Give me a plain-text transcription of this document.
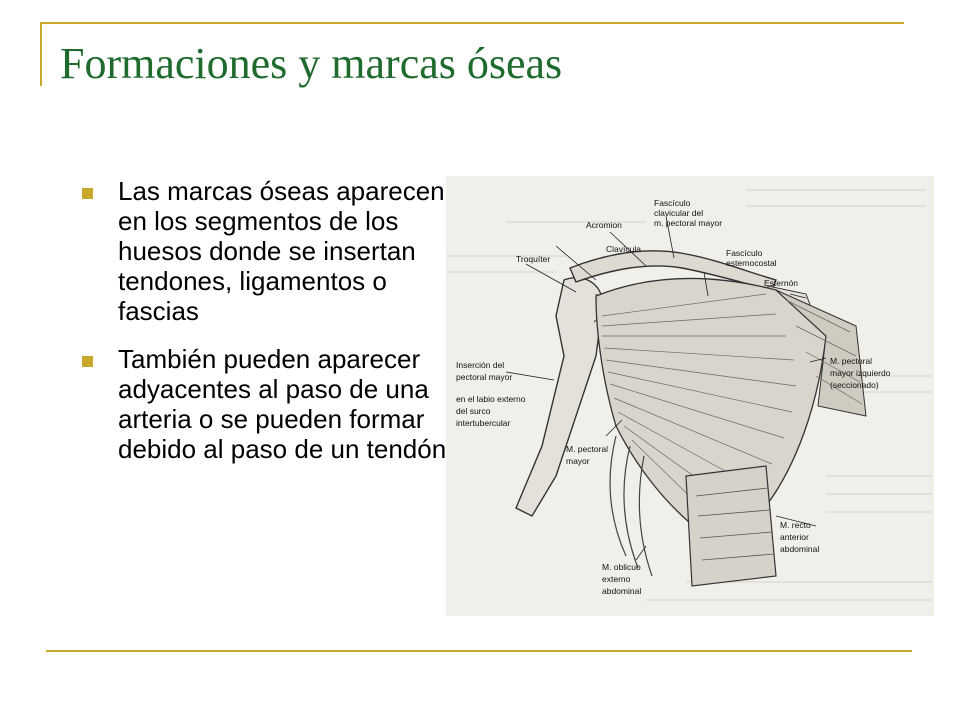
Formaciones y marcas óseas
Las marcas óseas aparecen en los segmentos de los huesos donde se insertan tendones, ligamentos o fascias
También pueden aparecer adyacentes al paso de una arteria o se pueden formar debido al paso de un tendón
Fascículo clavicular del m. pectoral mayor
Acromion
Clavícula	Fascículo esternocostal
Troquíter
Esternón
M. pectoral mayor izquierdo (seccionado)
Inserción del pectoral mayor
en el labio externo del surco intertubercular
M. pectoral mayor
M. recto anterior abdominal
M. oblicuo externo abdominal
